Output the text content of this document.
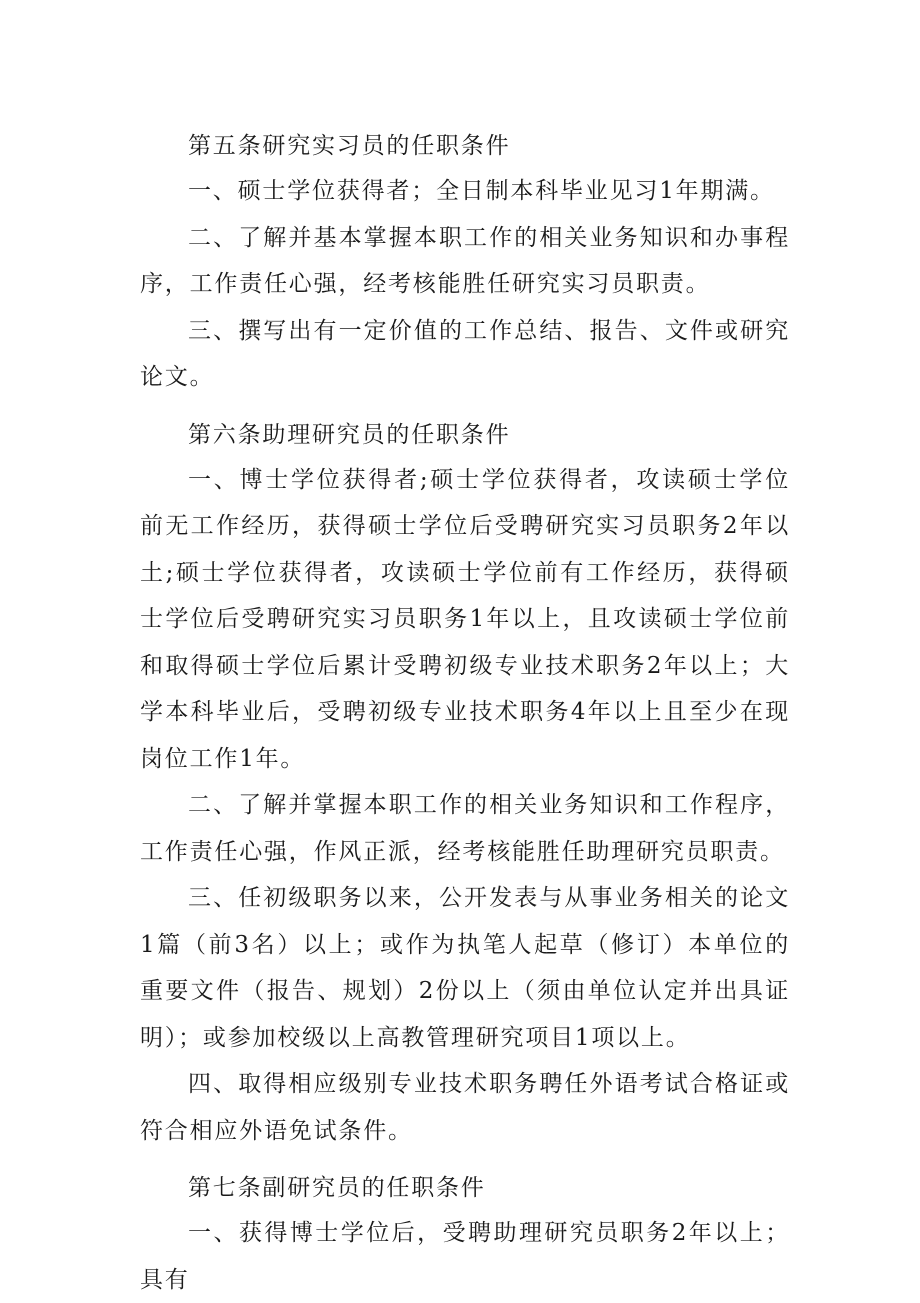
第五条研究实习员的任职条件

一、硕士学位获得者；全日制本科毕业见习1年期满。

二、了解并基本掌握本职工作的相关业务知识和办事程序，工作责任心强，经考核能胜任研究实习员职责。

三、撰写出有一定价值的工作总结、报告、文件或研究论文。

第六条助理研究员的任职条件

一、博士学位获得者;硕士学位获得者，攻读硕士学位前无工作经历，获得硕士学位后受聘研究实习员职务2年以土;硕士学位获得者，攻读硕士学位前有工作经历，获得硕士学位后受聘研究实习员职务1年以上，且攻读硕士学位前和取得硕士学位后累计受聘初级专业技术职务2年以上；大学本科毕业后，受聘初级专业技术职务4年以上且至少在现岗位工作1年。

二、了解并掌握本职工作的相关业务知识和工作程序，工作责任心强，作风正派，经考核能胜任助理研究员职责。

三、任初级职务以来，公开发表与从事业务相关的论文1篇（前3名）以上；或作为执笔人起草（修订）本单位的重要文件（报告、规划）2份以上（须由单位认定并出具证明）；或参加校级以上高教管理研究项目1项以上。

四、取得相应级别专业技术职务聘任外语考试合格证或符合相应外语免试条件。

第七条副研究员的任职条件

一、获得博士学位后，受聘助理研究员职务2年以上；具有
